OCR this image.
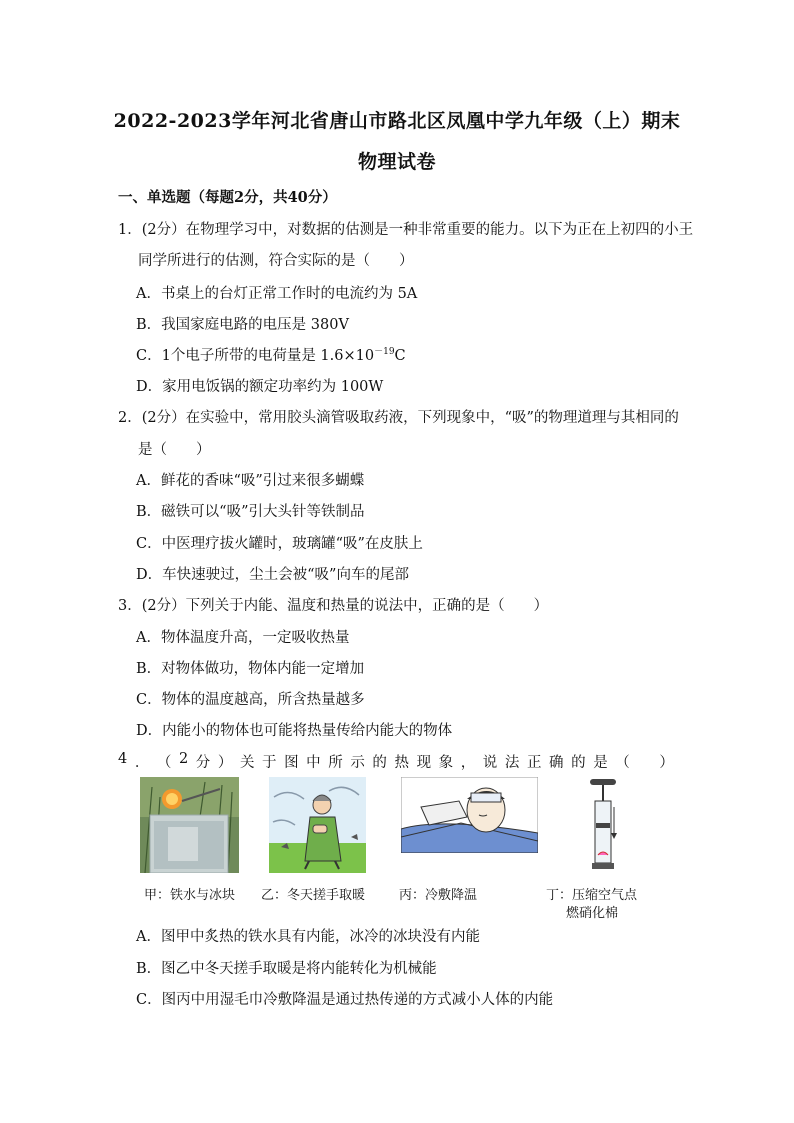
2022-2023学年河北省唐山市路北区凤凰中学九年级（上）期末
物理试卷
一、单选题（每题2分，共40分）
1．(2分）在物理学习中，对数据的估测是一种非常重要的能力。以下为正在上初四的小王
同学所进行的估测，符合实际的是（　　）
A．书桌上的台灯正常工作时的电流约为 5A
B．我国家庭电路的电压是 380V
C．1个电子所带的电荷量是 $1.6\times 10^{-19}C$
D．家用电饭锅的额定功率约为 100W
2．(2分）在实验中，常用胶头滴管吸取药液，下列现象中，“吸”的物理道理与其相同的
是（　　）
A．鲜花的香味“吸”引过来很多蝴蝶
B．磁铁可以“吸”引大头针等铁制品
C．中医理疗拔火罐时，玻璃罐“吸”在皮肤上
D．车快速驶过，尘土会被“吸”向车的尾部
3．(2分）下列关于内能、温度和热量的说法中，正确的是（　　）
A．物体温度升高，一定吸收热量
B．对物体做功，物体内能一定增加
C．物体的温度越高，所含热量越多
D．内能小的物体也可能将热量传给内能大的物体
4 ． （ 2 分 ） 关 于 图 中 所 示 的 热 现 象 ， 说 法 正 确 的 是 （
　 ）
甲：铁水与冰块 乙：冬天搓手取暖	丙：冷敷降温	丁：压缩空气点
燃硝化棉
A．图甲中炙热的铁水具有内能，冰冷的冰块没有内能
B．图乙中冬天搓手取暖是将内能转化为机械能
C．图丙中用湿毛巾冷敷降温是通过热传递的方式减小人体的内能
